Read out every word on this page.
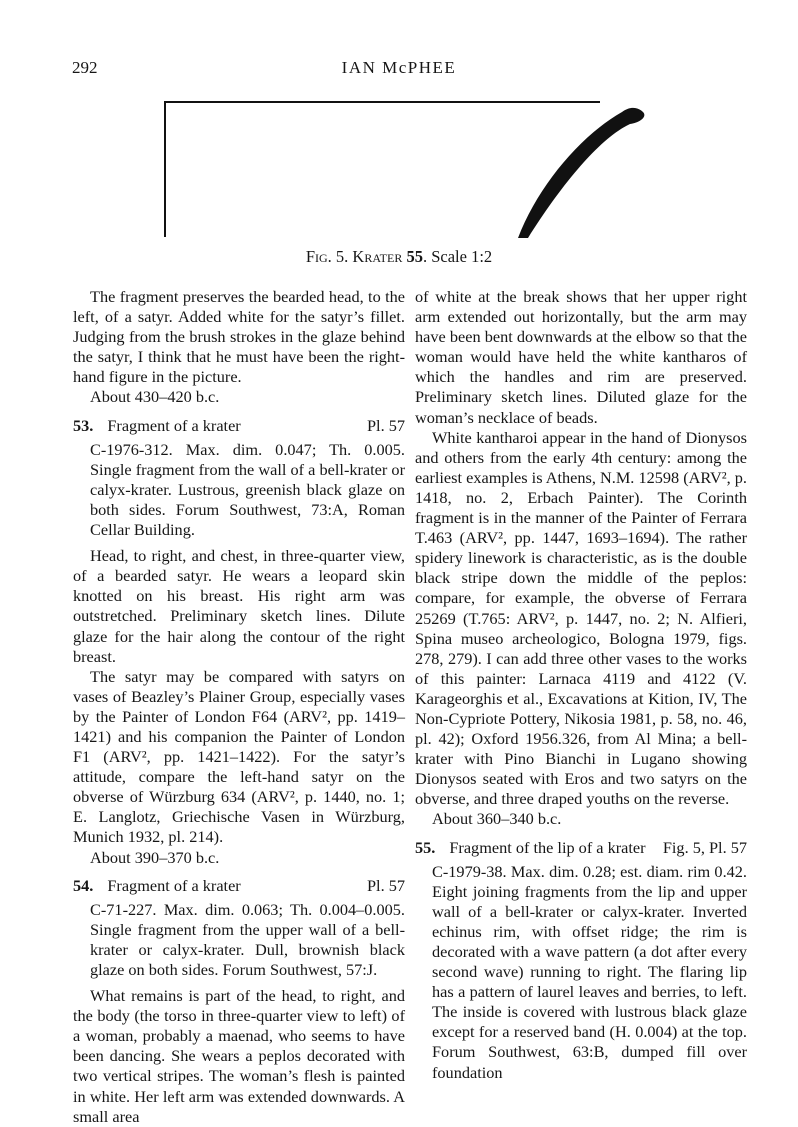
292	IAN McPHEE
Fig. 5. Krater 55. Scale 1:2

The fragment preserves the bearded head, to the left, of a satyr. Added white for the satyr’s fillet. Judging from the brush strokes in the glaze behind the satyr, I think that he must have been the right-hand figure in the picture.

About 430–420 b.c.

53. Fragment of a krater	Pl. 57

C-1976-312. Max. dim. 0.047; Th. 0.005. Single fragment from the wall of a bell-krater or calyx-krater. Lustrous, greenish black glaze on both sides. Forum Southwest, 73:A, Roman Cellar Building.

Head, to right, and chest, in three-quarter view, of a bearded satyr. He wears a leopard skin knotted on his breast. His right arm was outstretched. Preliminary sketch lines. Dilute glaze for the hair along the contour of the right breast.

The satyr may be compared with satyrs on vases of Beazley’s Plainer Group, especially vases by the Painter of London F64 (ARV², pp. 1419–1421) and his companion the Painter of London F1 (ARV², pp. 1421–1422). For the satyr’s attitude, compare the left-hand satyr on the obverse of Würzburg 634 (ARV², p. 1440, no. 1; E. Langlotz, Griechische Vasen in Würzburg, Munich 1932, pl. 214).

About 390–370 b.c.

54. Fragment of a krater	Pl. 57

C-71-227. Max. dim. 0.063; Th. 0.004–0.005. Single fragment from the upper wall of a bell-krater or calyx-krater. Dull, brownish black glaze on both sides. Forum Southwest, 57:J.

What remains is part of the head, to right, and the body (the torso in three-quarter view to left) of a woman, probably a maenad, who seems to have been dancing. She wears a peplos decorated with two vertical stripes. The woman’s flesh is painted in white. Her left arm was extended downwards. A small area

of white at the break shows that her upper right arm extended out horizontally, but the arm may have been bent downwards at the elbow so that the woman would have held the white kantharos of which the handles and rim are preserved. Preliminary sketch lines. Diluted glaze for the woman’s necklace of beads.

White kantharoi appear in the hand of Dionysos and others from the early 4th century: among the earliest examples is Athens, N.M. 12598 (ARV², p. 1418, no. 2, Erbach Painter). The Corinth fragment is in the manner of the Painter of Ferrara T.463 (ARV², pp. 1447, 1693–1694). The rather spidery linework is characteristic, as is the double black stripe down the middle of the peplos: compare, for example, the obverse of Ferrara 25269 (T.765: ARV², p. 1447, no. 2; N. Alfieri, Spina museo archeologico, Bologna 1979, figs. 278, 279). I can add three other vases to the works of this painter: Larnaca 4119 and 4122 (V. Karageorghis et al., Excavations at Kition, IV, The Non-Cypriote Pottery, Nikosia 1981, p. 58, no. 46, pl. 42); Oxford 1956.326, from Al Mina; a bell-krater with Pino Bianchi in Lugano showing Dionysos seated with Eros and two satyrs on the obverse, and three draped youths on the reverse.

About 360–340 b.c.

55. Fragment of the lip of a krater Fig. 5, Pl. 57

C-1979-38. Max. dim. 0.28; est. diam. rim 0.42. Eight joining fragments from the lip and upper wall of a bell-krater or calyx-krater. Inverted echinus rim, with offset ridge; the rim is decorated with a wave pattern (a dot after every second wave) running to right. The flaring lip has a pattern of laurel leaves and berries, to left. The inside is covered with lustrous black glaze except for a reserved band (H. 0.004) at the top. Forum Southwest, 63:B, dumped fill over foundation
